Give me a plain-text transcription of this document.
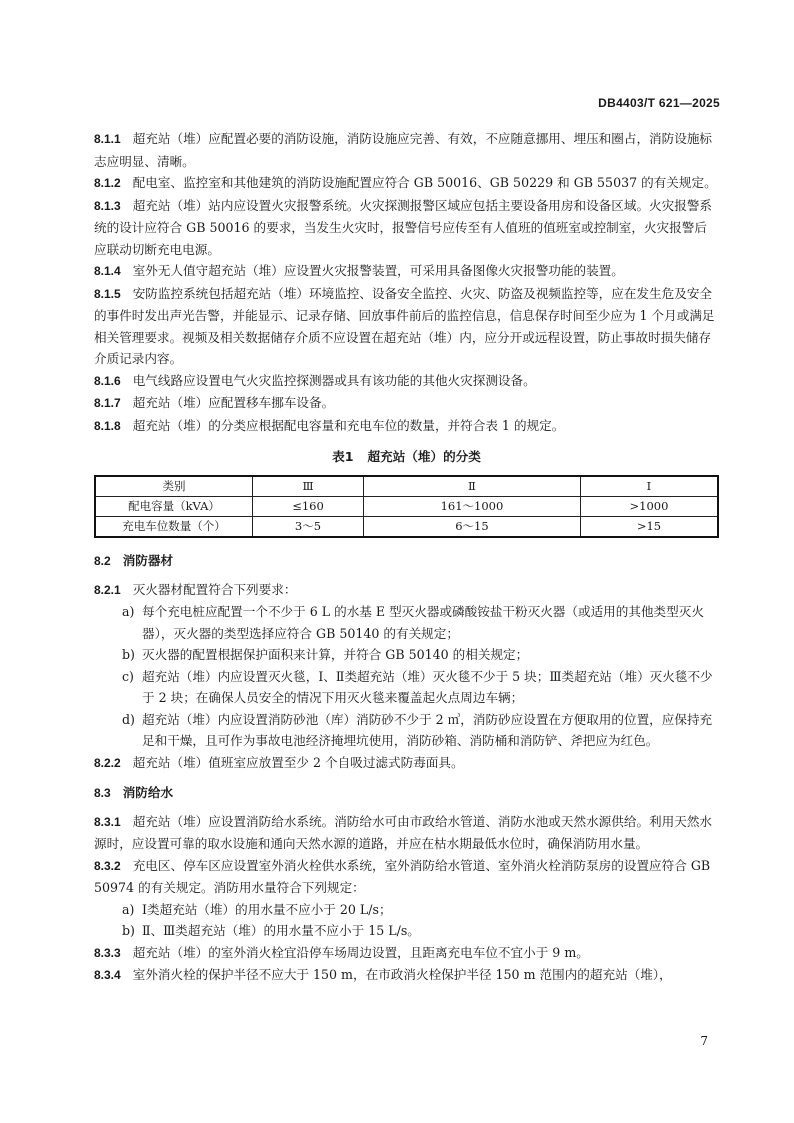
DB4403/T 621—2025

8.1.1 超充站（堆）应配置必要的消防设施，消防设施应完善、有效，不应随意挪用、埋压和圈占，消防设施标志应明显、清晰。

8.1.2 配电室、监控室和其他建筑的消防设施配置应符合 GB 50016、GB 50229 和 GB 55037 的有关规定。

8.1.3 超充站（堆）站内应设置火灾报警系统。火灾探测报警区域应包括主要设备用房和设备区域。火灾报警系统的设计应符合 GB 50016 的要求，当发生火灾时，报警信号应传至有人值班的值班室或控制室，火灾报警后应联动切断充电电源。

8.1.4 室外无人值守超充站（堆）应设置火灾报警装置，可采用具备图像火灾报警功能的装置。

8.1.5 安防监控系统包括超充站（堆）环境监控、设备安全监控、火灾、防盗及视频监控等，应在发生危及安全的事件时发出声光告警，并能显示、记录存储、回放事件前后的监控信息，信息保存时间至少应为 1 个月或满足相关管理要求。视频及相关数据储存介质不应设置在超充站（堆）内，应分开或远程设置，防止事故时损失储存介质记录内容。

8.1.6 电气线路应设置电气火灾监控探测器或具有该功能的其他火灾探测设备。

8.1.7 超充站（堆）应配置移车挪车设备。

8.1.8 超充站（堆）的分类应根据配电容量和充电车位的数量，并符合表 1 的规定。

表1 超充站（堆）的分类
类别	Ⅲ	Ⅱ	Ⅰ
配电容量（kVA）	≤160	161～1000	>1000
充电车位数量（个）	3～5	6～15	>15
8.2 消防器材

8.2.1 灭火器材配置符合下列要求：

a) 每个充电桩应配置一个不少于 6 L 的水基 E 型灭火器或磷酸铵盐干粉灭火器（或适用的其他类型灭火器），灭火器的类型选择应符合 GB 50140 的有关规定；
b) 灭火器的配置根据保护面积来计算，并符合 GB 50140 的相关规定；
c) 超充站（堆）内应设置灭火毯，Ⅰ、Ⅱ类超充站（堆）灭火毯不少于 5 块；Ⅲ类超充站（堆）灭火毯不少于 2 块；在确保人员安全的情况下用灭火毯来覆盖起火点周边车辆；
d) 超充站（堆）内应设置消防砂池（库）消防砂不少于 2 ㎥，消防砂应设置在方便取用的位置，应保持充足和干燥，且可作为事故电池经济掩埋坑使用，消防砂箱、消防桶和消防铲、斧把应为红色。

8.2.2 超充站（堆）值班室应放置至少 2 个自吸过滤式防毒面具。

8.3 消防给水

8.3.1 超充站（堆）应设置消防给水系统。消防给水可由市政给水管道、消防水池或天然水源供给。利用天然水源时，应设置可靠的取水设施和通向天然水源的道路，并应在枯水期最低水位时，确保消防用水量。

8.3.2 充电区、停车区应设置室外消火栓供水系统，室外消防给水管道、室外消火栓消防泵房的设置应符合 GB 50974 的有关规定。消防用水量符合下列规定：

a) Ⅰ类超充站（堆）的用水量不应小于 20 L/s；
b) Ⅱ、Ⅲ类超充站（堆）的用水量不应小于 15 L/s。

8.3.3 超充站（堆）的室外消火栓宜沿停车场周边设置，且距离充电车位不宜小于 9 m。

8.3.4 室外消火栓的保护半径不应大于 150 m，在市政消火栓保护半径 150 m 范围内的超充站（堆），

7
